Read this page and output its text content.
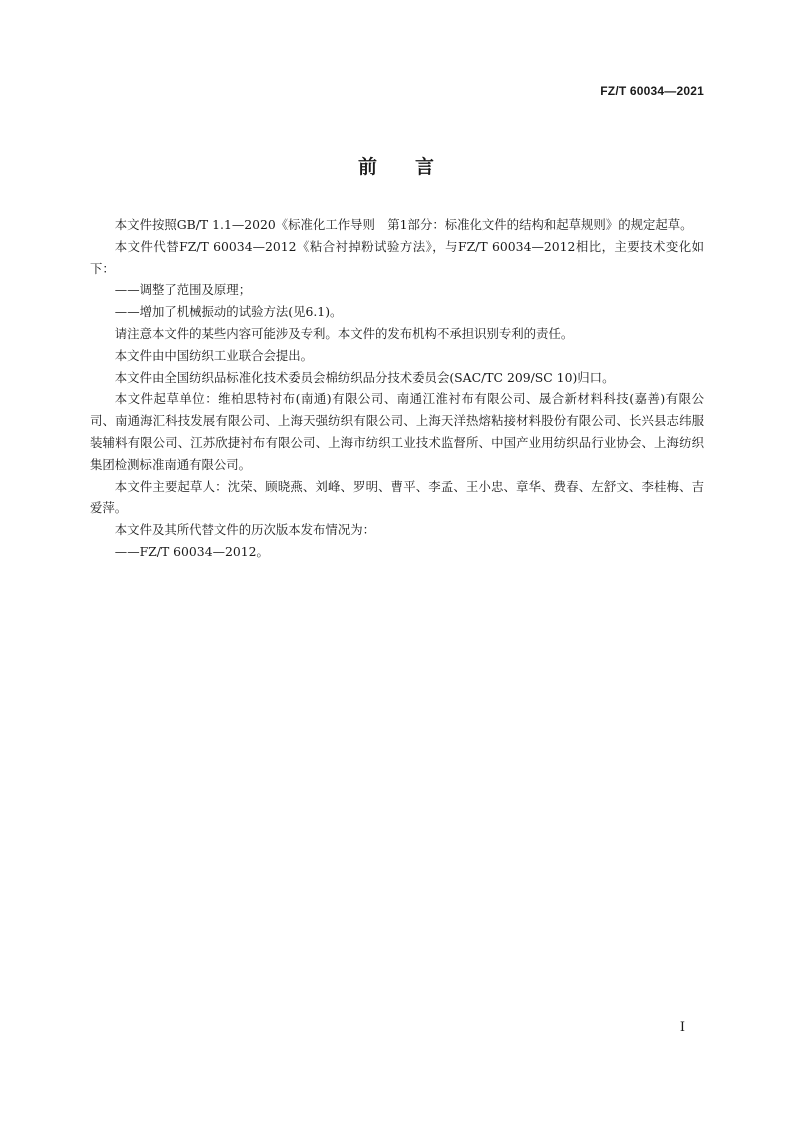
FZ/T 60034—2021
前 言

本文件按照GB/T 1.1—2020《标准化工作导则　第1部分：标准化文件的结构和起草规则》的规定起草。

本文件代替FZ/T 60034—2012《粘合衬掉粉试验方法》，与FZ/T 60034—2012相比，主要技术变化如下：

——调整了范围及原理；

——增加了机械振动的试验方法(见6.1)。

请注意本文件的某些内容可能涉及专利。本文件的发布机构不承担识别专利的责任。

本文件由中国纺织工业联合会提出。

本文件由全国纺织品标准化技术委员会棉纺织品分技术委员会(SAC/TC 209/SC 10)归口。

本文件起草单位：维柏思特衬布(南通)有限公司、南通江淮衬布有限公司、晟合新材料科技(嘉善)有限公司、南通海汇科技发展有限公司、上海天强纺织有限公司、上海天洋热熔粘接材料股份有限公司、长兴县志纬服装辅料有限公司、江苏欣捷衬布有限公司、上海市纺织工业技术监督所、中国产业用纺织品行业协会、上海纺织集团检测标准南通有限公司。

本文件主要起草人：沈荣、顾晓燕、刘峰、罗明、曹平、李孟、王小忠、章华、费春、左舒文、李桂梅、吉爱萍。

本文件及其所代替文件的历次版本发布情况为：

——FZ/T 60034—2012。

I
